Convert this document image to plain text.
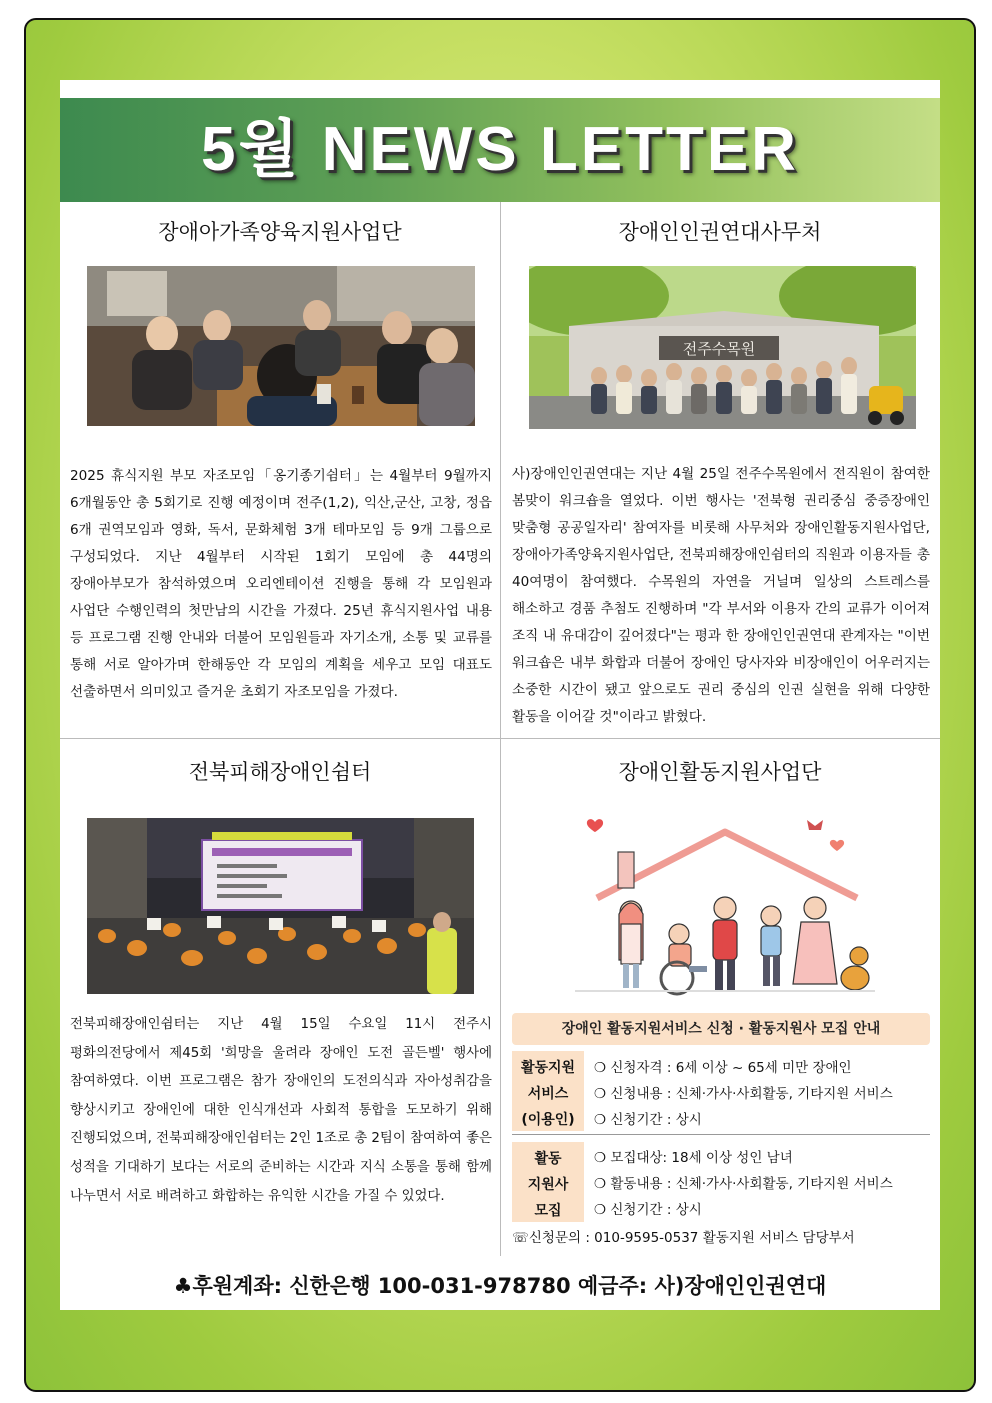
5월 NEWS LETTER
장애아가족양육지원사업단
2025 휴식지원 부모 자조모임「옹기종기쉼터」는 4월부터 9월까지 6개월동안 총 5회기로 진행 예정이며 전주(1,2), 익산,군산, 고창, 정읍 6개 권역모임과 영화, 독서, 문화체험 3개 테마모임 등 9개 그룹으로 구성되었다. 지난 4월부터 시작된 1회기 모임에 총 44명의 장애아부모가 참석하였으며 오리엔테이션 진행을 통해 각 모임원과 사업단 수행인력의 첫만남의 시간을 가졌다. 25년 휴식지원사업 내용 등 프로그램 진행 안내와 더불어 모임원들과 자기소개, 소통 및 교류를 통해 서로 알아가며 한해동안 각 모임의 계획을 세우고 모임 대표도 선출하면서 의미있고 즐거운 초회기 자조모임을 가졌다.
장애인인권연대사무처
전주수목원
사)장애인인권연대는 지난 4월 25일 전주수목원에서 전직원이 참여한 봄맞이 워크숍을 열었다. 이번 행사는 '전북형 권리중심 중증장애인 맞춤형 공공일자리' 참여자를 비롯해 사무처와 장애인활동지원사업단, 장애아가족양육지원사업단, 전북피해장애인쉼터의 직원과 이용자들 총 40여명이 참여했다. 수목원의 자연을 거닐며 일상의 스트레스를 해소하고 경품 추첨도 진행하며 "각 부서와 이용자 간의 교류가 이어져 조직 내 유대감이 깊어졌다"는 평과 한 장애인인권연대 관계자는 "이번 워크숍은 내부 화합과 더불어 장애인 당사자와 비장애인이 어우러지는 소중한 시간이 됐고 앞으로도 권리 중심의 인권 실현을 위해 다양한 활동을 이어갈 것"이라고 밝혔다.
전북피해장애인쉼터
전북피해장애인쉼터는 지난 4월 15일 수요일 11시 전주시 평화의전당에서 제45회 '희망을 울려라 장애인 도전 골든벨' 행사에 참여하였다. 이번 프로그램은 참가 장애인의 도전의식과 자아성취감을 향상시키고 장애인에 대한 인식개선과 사회적 통합을 도모하기 위해 진행되었으며, 전북피해장애인쉼터는 2인 1조로 총 2팀이 참여하여 좋은 성적을 기대하기 보다는 서로의 준비하는 시간과 지식 소통을 통해 함께 나누면서 서로 배려하고 화합하는 유익한 시간을 가질 수 있었다.
장애인활동지원사업단
장애인 활동지원서비스 신청 · 활동지원사 모집 안내
활동지원
서비스
(이용인)
❍ 신청자격 : 6세 이상 ~ 65세 미만 장애인
❍ 신청내용 : 신체·가사·사회활동, 기타지원 서비스
❍ 신청기간 : 상시
활동
지원사
모집
❍ 모집대상: 18세 이상 성인 남녀
❍ 활동내용 : 신체·가사·사회활동, 기타지원 서비스
❍ 신청기간 : 상시
☏신청문의 : 010-9595-0537 활동지원 서비스 담당부서
♣후원계좌: 신한은행 100-031-978780 예금주: 사)장애인인권연대
